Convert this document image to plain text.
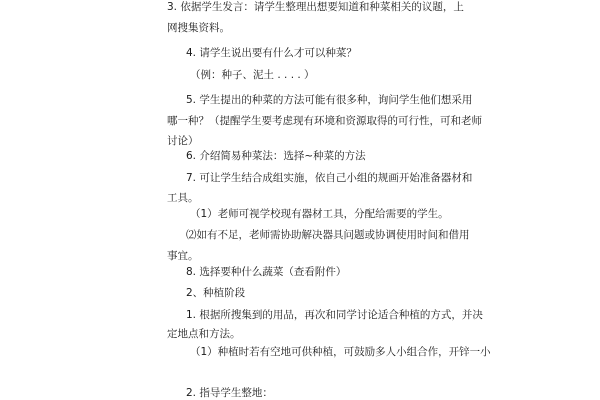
3. 依据学生发言：请学生整理出想要知道和种菜相关的议题，上
网搜集资料。
4. 请学生说出要有什么才可以种菜？
（例：种子、泥土 . . . . ）
5. 学生提出的种菜的方法可能有很多种，询问学生他们想采用
哪一种？（提醒学生要考虑现有环境和资源取得的可行性，可和老师
讨论）
6. 介绍简易种菜法：选择~种菜的方法
7. 可让学生结合成组实施，依自己小组的规画开始准备器材和
工具。
（1）老师可视学校现有器材工具，分配给需要的学生。
⑵如有不足，老师需协助解决器具问题或协调使用时间和借用
事宜。
8. 选择要种什么蔬菜（查看附件）
2、种植阶段
1. 根据所搜集到的用品，再次和同学讨论适合种植的方式，并决
定地点和方法。
（1）种植时若有空地可供种植，可鼓励多人小组合作，开锌一小
2. 指导学生整地：
